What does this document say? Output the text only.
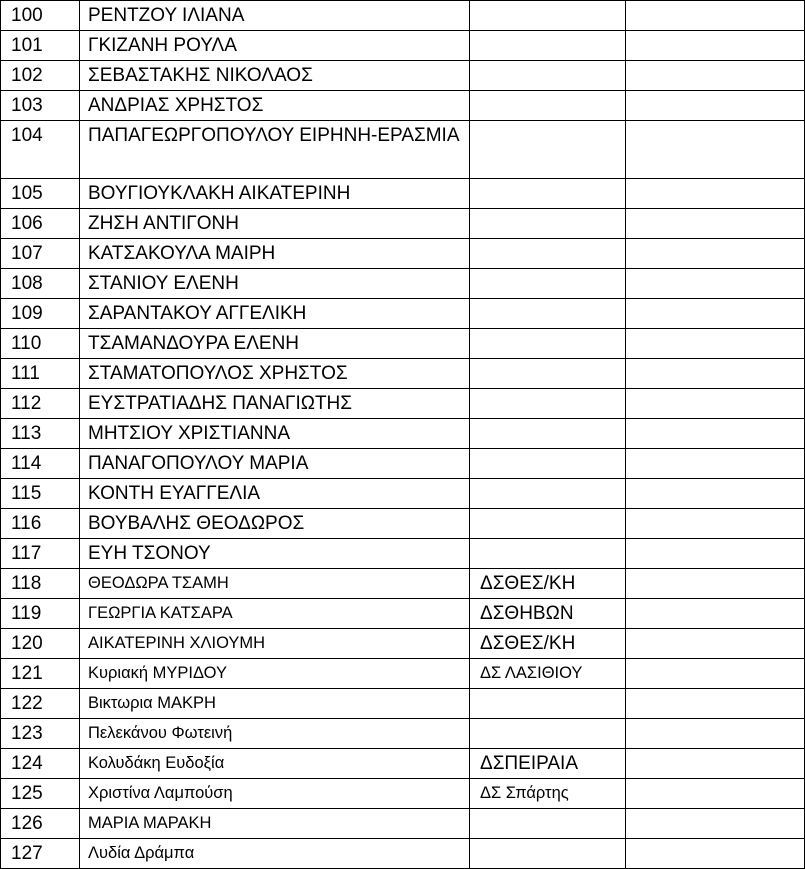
100	ΡΕΝΤΖΟΥ ΙΛΙΑΝΑ		
101	ΓΚΙΖΑΝΗ ΡΟΥΛΑ		
102	ΣΕΒΑΣΤΑΚΗΣ ΝΙΚΟΛΑΟΣ		
103	ΑΝΔΡΙΑΣ ΧΡΗΣΤΟΣ		
104	ΠΑΠΑΓΕΩΡΓΟΠΟΥΛΟΥ ΕΙΡΗΝΗ-ΕΡΑΣΜΙΑ		
105	ΒΟΥΓΙΟΥΚΛΑΚΗ ΑΙΚΑΤΕΡΙΝΗ		
106	ΖΗΣΗ ΑΝΤΙΓΟΝΗ		
107	ΚΑΤΣΑΚΟΥΛΑ ΜΑΙΡΗ		
108	ΣΤΑΝΙΟΥ ΕΛΕΝΗ		
109	ΣΑΡΑΝΤΑΚΟΥ ΑΓΓΕΛΙΚΗ		
110	ΤΣΑΜΑΝΔΟΥΡΑ ΕΛΕΝΗ		
111	ΣΤΑΜΑΤΟΠΟΥΛΟΣ ΧΡΗΣΤΟΣ		
112	ΕΥΣΤΡΑΤΙΑΔΗΣ ΠΑΝΑΓΙΩΤΗΣ		
113	ΜΗΤΣΙΟΥ ΧΡΙΣΤΙΑΝΝΑ		
114	ΠΑΝΑΓΟΠΟΥΛΟΥ ΜΑΡΙΑ		
115	ΚΟΝΤΗ ΕΥΑΓΓΕΛΙΑ		
116	ΒΟΥΒΑΛΗΣ ΘΕΟΔΩΡΟΣ		
117	ΕΥΗ ΤΣΟΝΟΥ		
118	ΘΕΟΔΩΡΑ ΤΣΑΜΗ	ΔΣΘΕΣ/ΚΗ	
119	ΓΕΩΡΓΙΑ ΚΑΤΣΑΡΑ	ΔΣΘΗΒΩΝ	
120	ΑΙΚΑΤΕΡΙΝΗ ΧΛΙΟΥΜΗ	ΔΣΘΕΣ/ΚΗ	
121	Κυριακή ΜΥΡΙΔΟΥ	ΔΣ ΛΑΣΙΘΙΟΥ	
122	Βικτωρια ΜΑΚΡΗ		
123	Πελεκάνου Φωτεινή		
124	Κολυδάκη Ευδοξία	ΔΣΠΕΙΡΑΙΑ	
125	Χριστίνα Λαμπούση	ΔΣ Σπάρτης	
126	ΜΑΡΙΑ ΜΑΡΑΚΗ		
127	Λυδία Δράμπα		
